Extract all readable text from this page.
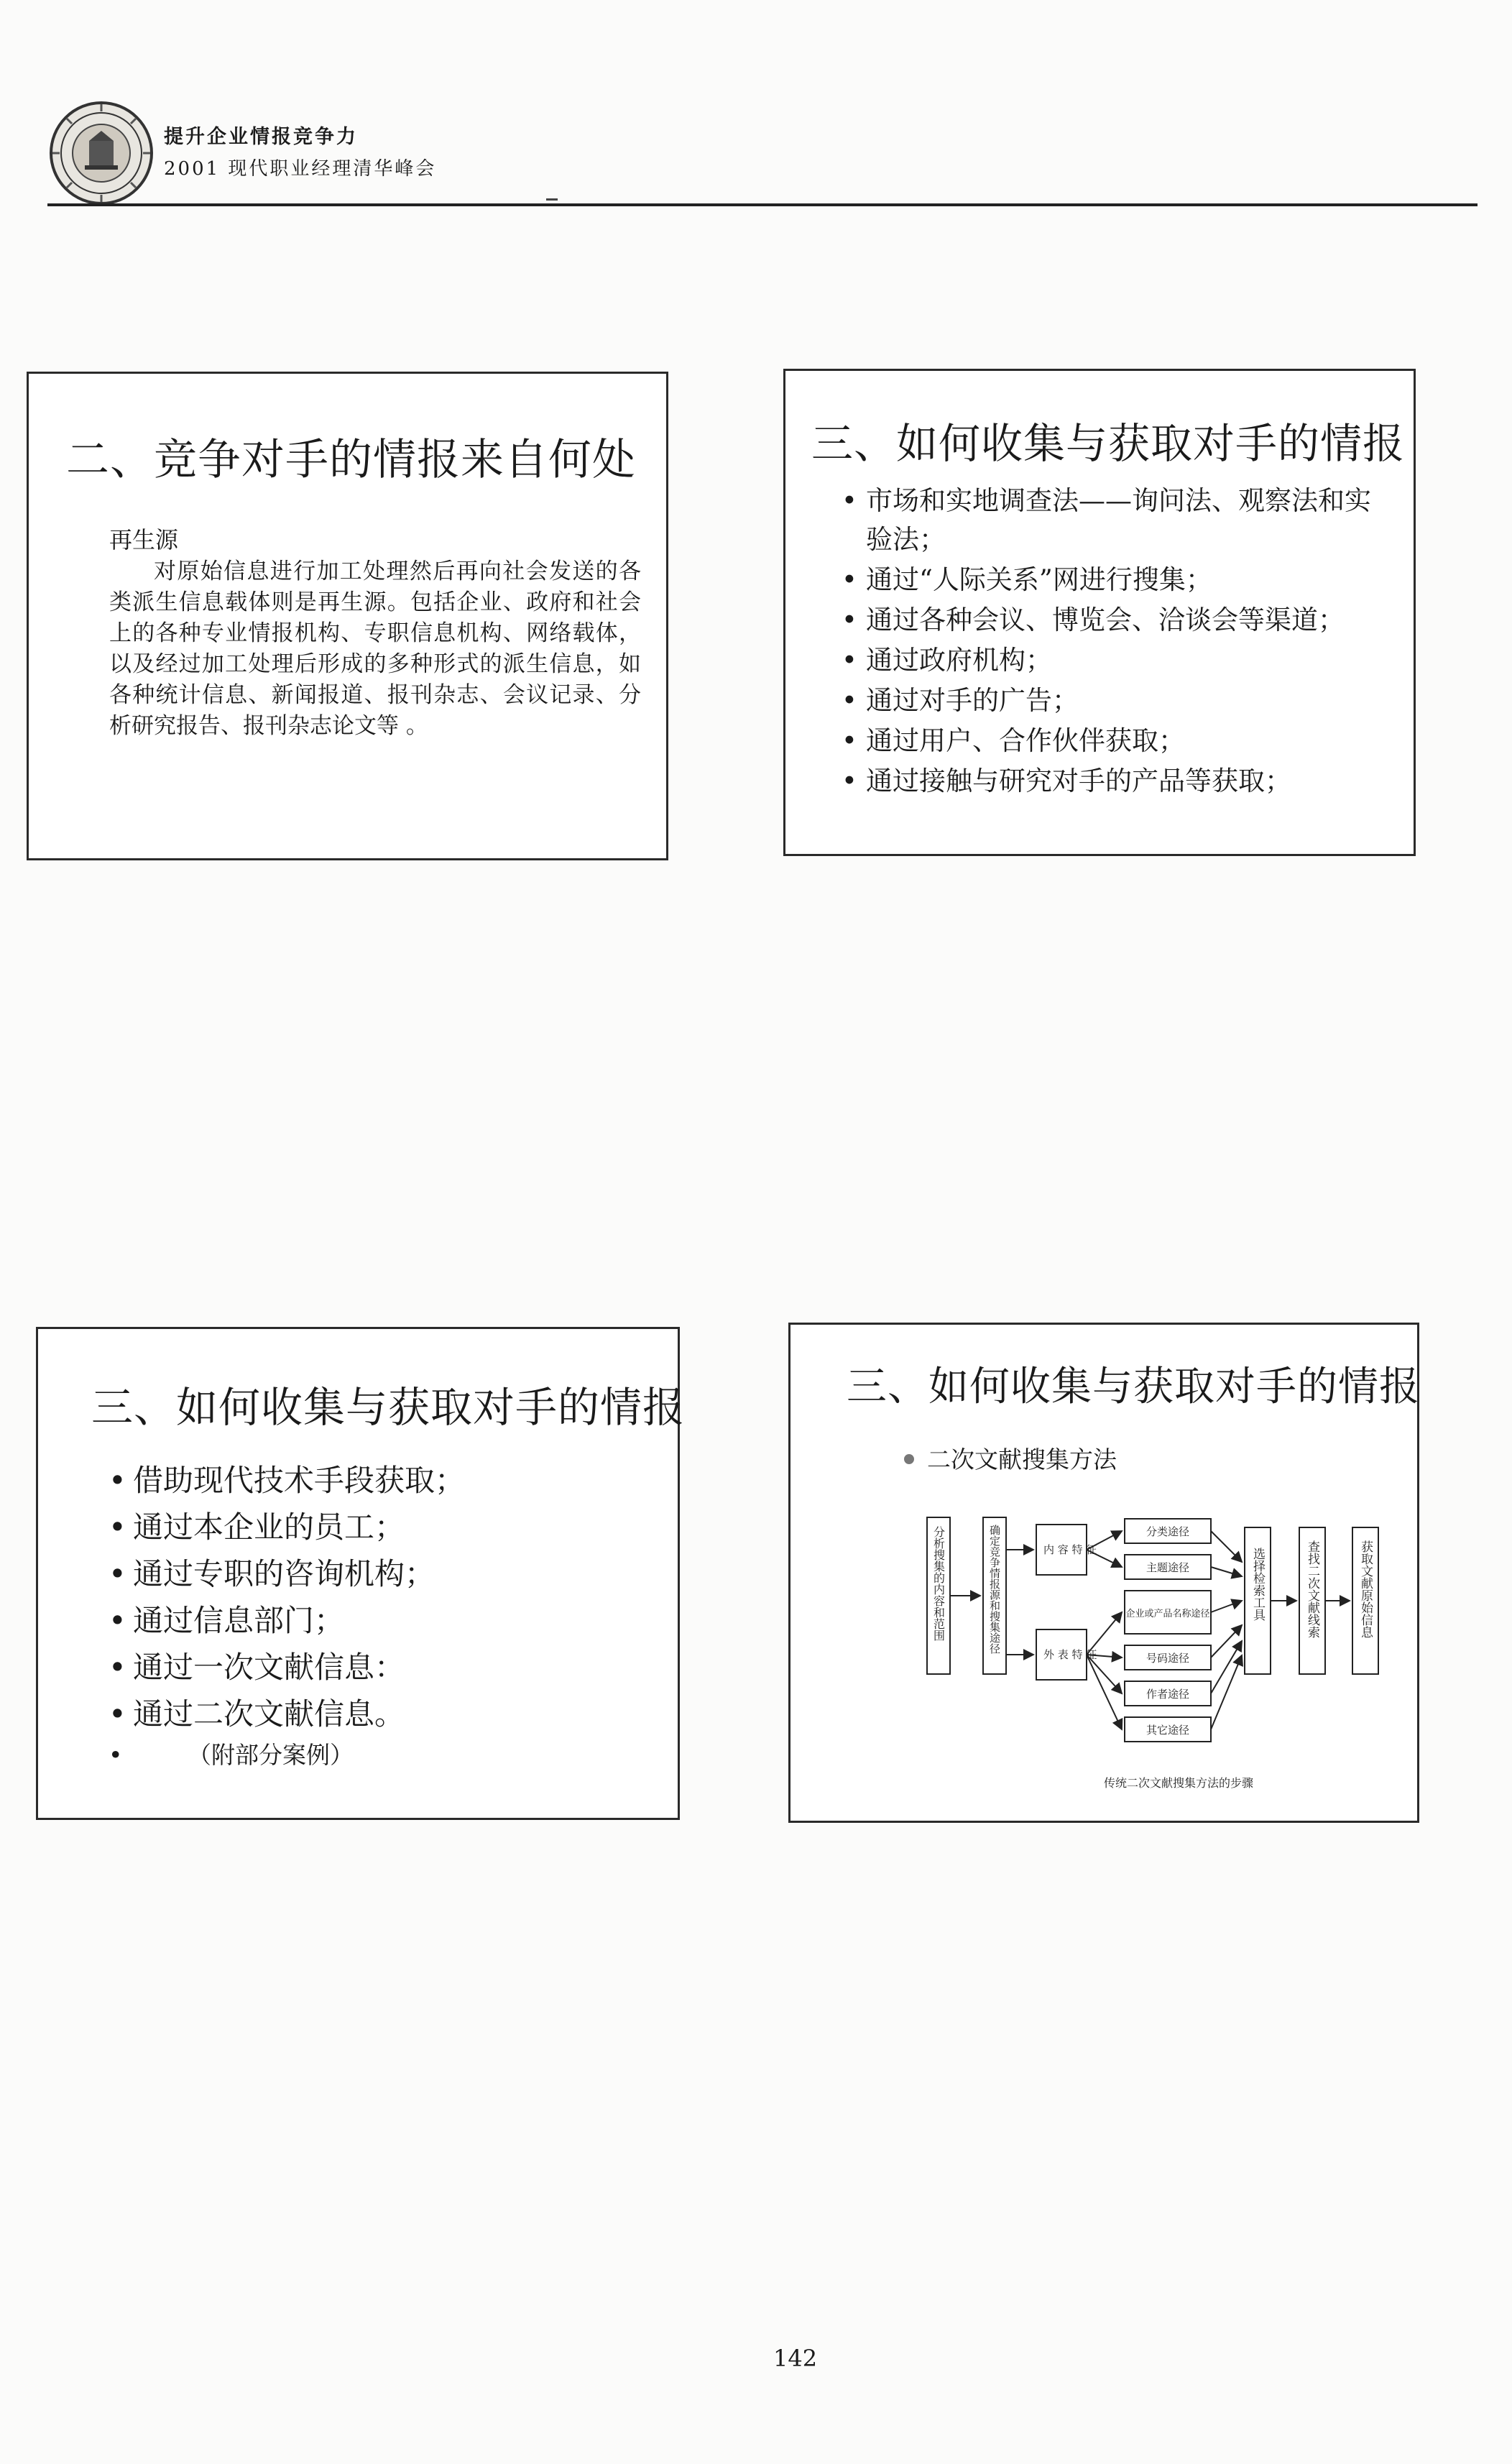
提升企业情报竞争力
2001 现代职业经理清华峰会
二、竞争对手的情报来自何处
再生源
对原始信息进行加工处理然后再向社会发送的各类派生信息载体则是再生源。包括企业、政府和社会上的各种专业情报机构、专职信息机构、网络载体，以及经过加工处理后形成的多种形式的派生信息，如各种统计信息、新闻报道、报刊杂志、会议记录、分析研究报告、报刊杂志论文等 。
三、如何收集与获取对手的情报
• 市场和实地调查法——询问法、观察法和实验法；
• 通过“人际关系”网进行搜集；
• 通过各种会议、博览会、洽谈会等渠道；
• 通过政府机构；
• 通过对手的广告；
• 通过用户、合作伙伴获取；
• 通过接触与研究对手的产品等获取；
三、如何收集与获取对手的情报
• 借助现代技术手段获取；
• 通过本企业的员工；
• 通过专职的咨询机构；
• 通过信息部门；
• 通过一次文献信息：
• 通过二次文献信息。
• （附部分案例）
三、如何收集与获取对手的情报
二次文献搜集方法
分析搜集的内容和范围	确定竞争情报源和搜集途径	内 容 特 征
外 表 特 征
分类途径
主题途径
企业或产品名称途径
号码途径
作者途径
其它途径
选择检索工具	查找二次文献线索	获取文献原始信息
传统二次文献搜集方法的步骤
142
